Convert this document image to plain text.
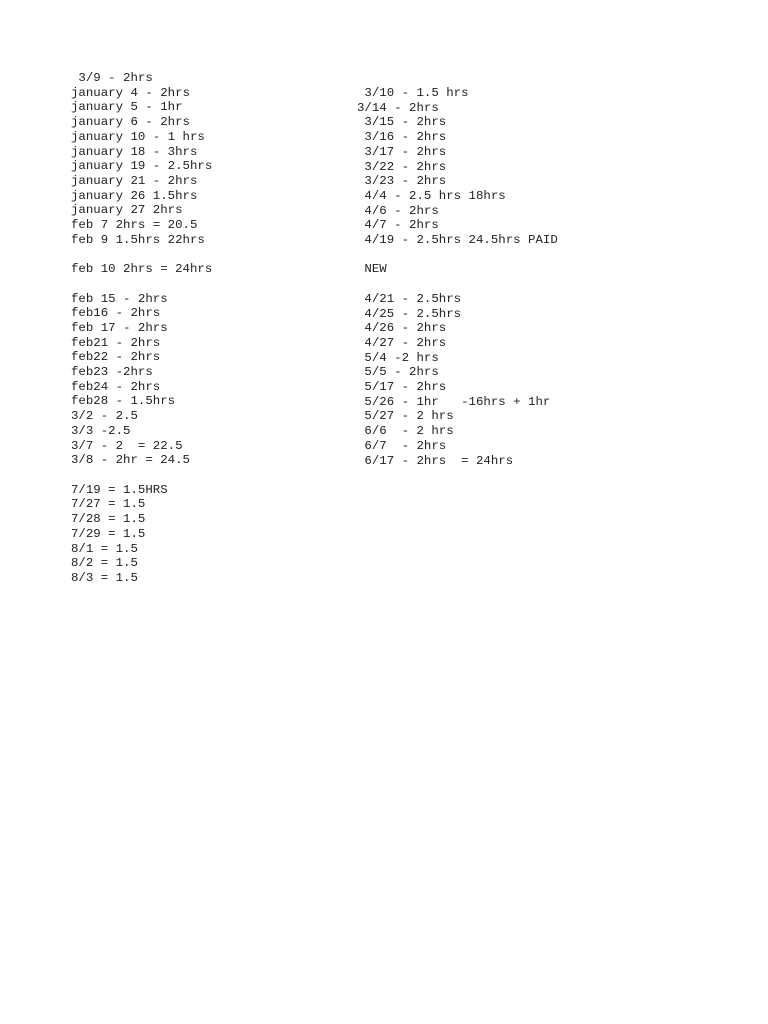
3/9 - 2hrs
january 4 - 2hrs
january 5 - 1hr
january 6 - 2hrs
january 10 - 1 hrs
january 18 - 3hrs
january 19 - 2.5hrs
january 21 - 2hrs
january 26 1.5hrs
january 27 2hrs
feb 7 2hrs = 20.5
feb 9 1.5hrs 22hrs

feb 10 2hrs = 24hrs

feb 15 - 2hrs
feb16 - 2hrs
feb 17 - 2hrs
feb21 - 2hrs
feb22 - 2hrs
feb23 -2hrs
feb24 - 2hrs
feb28 - 1.5hrs
3/2 - 2.5
3/3 -2.5
3/7 - 2  = 22.5
3/8 - 2hr = 24.5

7/19 = 1.5HRS
7/27 = 1.5
7/28 = 1.5
7/29 = 1.5
8/1 = 1.5
8/2 = 1.5
8/3 = 1.5
3/10 - 1.5 hrs
3/14 - 2hrs
3/15 - 2hrs
3/16 - 2hrs
3/17 - 2hrs
3/22 - 2hrs
3/23 - 2hrs
4/4 - 2.5 hrs 18hrs
4/6 - 2hrs
4/7 - 2hrs
4/19 - 2.5hrs 24.5hrs PAID

NEW

4/21 - 2.5hrs
4/25 - 2.5hrs
4/26 - 2hrs
4/27 - 2hrs
5/4 -2 hrs
5/5 - 2hrs
5/17 - 2hrs
5/26 - 1hr   -16hrs + 1hr
5/27 - 2 hrs
6/6  - 2 hrs
6/7  - 2hrs
6/17 - 2hrs  = 24hrs
